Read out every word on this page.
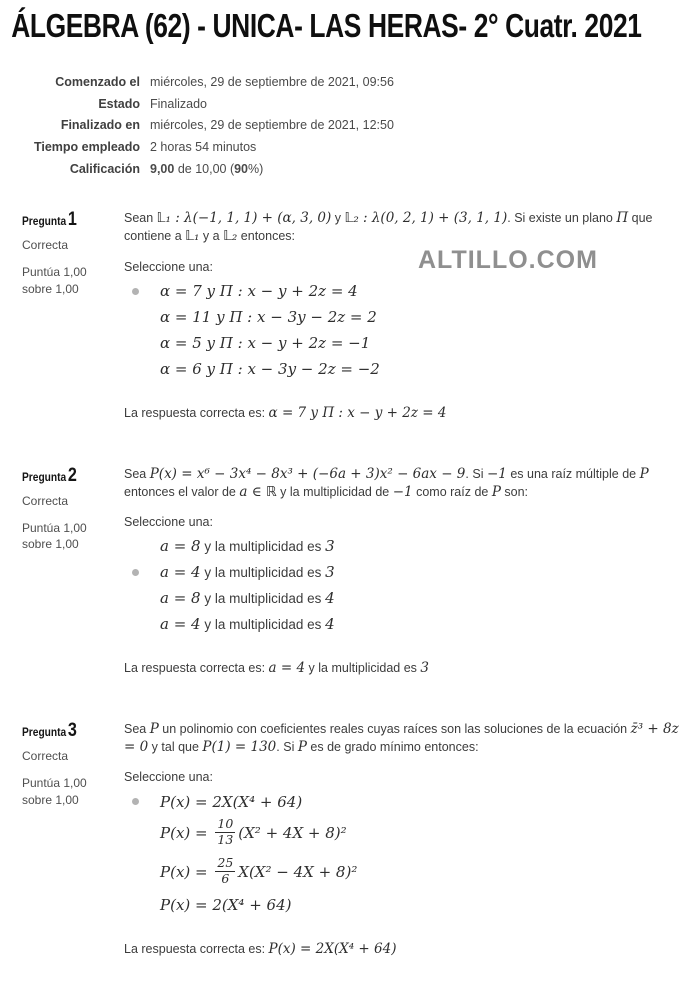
ÁLGEBRA (62) - UNICA- LAS HERAS- 2° Cuatr. 2021
Comenzado el miércoles, 29 de septiembre de 2021, 09:56
Estado Finalizado
Finalizado en miércoles, 29 de septiembre de 2021, 12:50
Tiempo empleado 2 horas 54 minutos
Calificación 9,00 de 10,00 (90%)
ALTILLO.COM
Pregunta1
Correcta
Puntúa 1,00 sobre 1,00

Sean 𝕃₁ : λ(−1, 1, 1) + (α, 3, 0) y 𝕃₂ : λ(0, 2, 1) + (3, 1, 1). Si existe un plano Π que contiene a 𝕃₁ y a 𝕃₂ entonces:

Seleccione una:

α = 7 y Π : x − y + 2z = 4
α = 11 y Π : x − 3y − 2z = 2
α = 5 y Π : x − y + 2z = −1
α = 6 y Π : x − 3y − 2z = −2

La respuesta correcta es: α = 7 y Π : x − y + 2z = 4

Pregunta2
Correcta
Puntúa 1,00 sobre 1,00

Sea P(x) = x⁶ − 3x⁴ − 8x³ + (−6a + 3)x² − 6ax − 9. Si −1 es una raíz múltiple de P entonces el valor de a ∈ ℝ y la multiplicidad de −1 como raíz de P son:

Seleccione una:

a = 8 y la multiplicidad es 3
a = 4 y la multiplicidad es 3
a = 8 y la multiplicidad es 4
a = 4 y la multiplicidad es 4

La respuesta correcta es: a = 4 y la multiplicidad es 3

Pregunta3
Correcta
Puntúa 1,00 sobre 1,00

Sea P un polinomio con coeficientes reales cuyas raíces son las soluciones de la ecuación z̄³ + 8z = 0 y tal que P(1) = 130. Si P es de grado mínimo entonces:

Seleccione una:

P(x) = 2X(X⁴ + 64)
$P(x) = \frac{10}{13} (X^2 + 4X + 8)^2$
$P(x) = \frac{25}{6} X(X^2 - 4X + 8)^2$
P(x) = 2(X⁴ + 64)

La respuesta correcta es: P(x) = 2X(X⁴ + 64)
